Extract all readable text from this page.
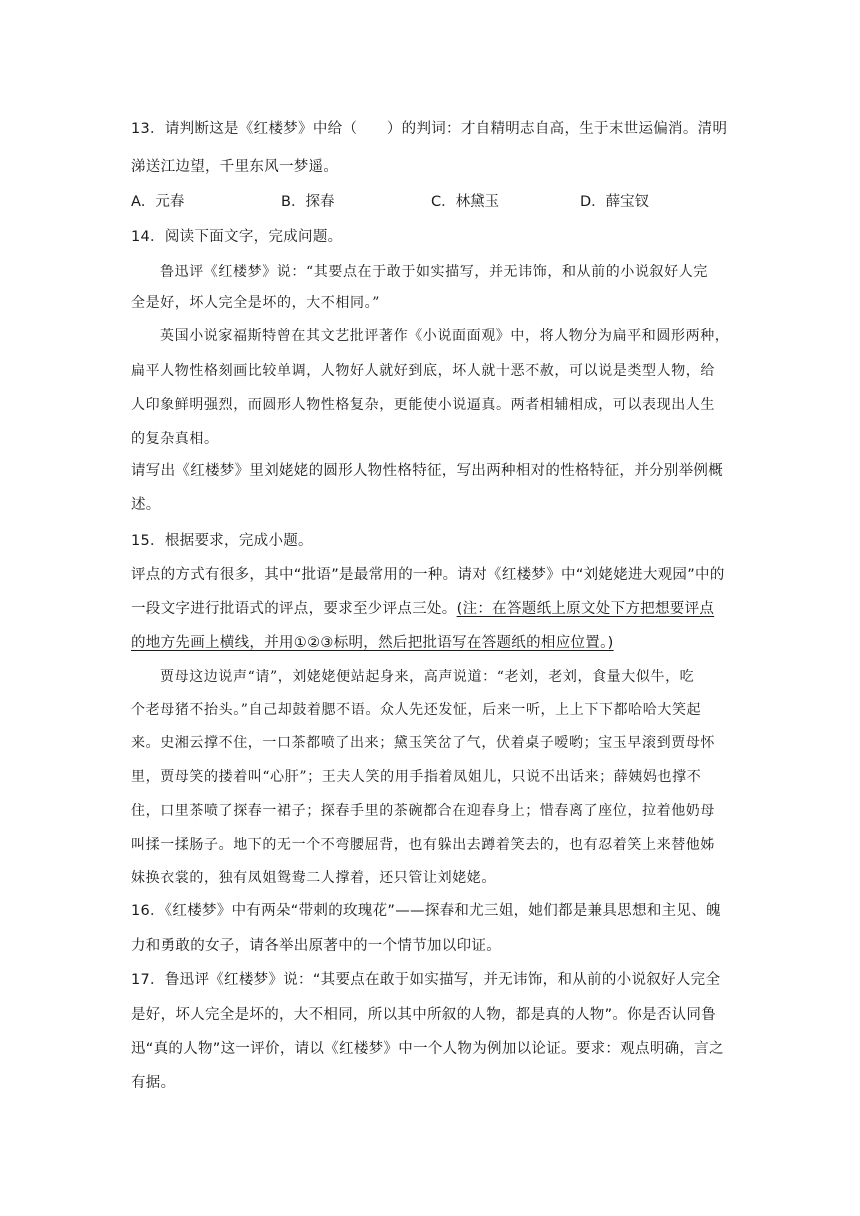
13．请判断这是《红楼梦》中给（　　）的判词：才自精明志自高，生于末世运偏消。清明
涕送江边望，千里东风一梦遥。
A．元春	B．探春	C．林黛玉	D．薛宝钗
14．阅读下面文字，完成问题。
鲁迅评《红楼梦》说：“其要点在于敢于如实描写，并无讳饰，和从前的小说叙好人完
全是好，坏人完全是坏的，大不相同。”
英国小说家福斯特曾在其文艺批评著作《小说面面观》中，将人物分为扁平和圆形两种，
扁平人物性格刻画比较单调，人物好人就好到底，坏人就十恶不赦，可以说是类型人物，给
人印象鲜明强烈，而圆形人物性格复杂，更能使小说逼真。两者相辅相成，可以表现出人生
的复杂真相。
请写出《红楼梦》里刘姥姥的圆形人物性格特征，写出两种相对的性格特征，并分别举例概
述。
15．根据要求，完成小题。
评点的方式有很多，其中“批语”是最常用的一种。请对《红楼梦》中“刘姥姥进大观园”中的
一段文字进行批语式的评点，要求至少评点三处。(注：在答题纸上原文处下方把想要评点
的地方先画上横线，并用①②③标明，然后把批语写在答题纸的相应位置。)
贾母这边说声“请”，刘姥姥便站起身来，高声说道：“老刘，老刘，食量大似牛，吃
个老母猪不抬头。”自己却鼓着腮不语。众人先还发怔，后来一听，上上下下都哈哈大笑起
来。史湘云撑不住，一口茶都喷了出来；黛玉笑岔了气，伏着桌子嗳哟；宝玉早滚到贾母怀
里，贾母笑的搂着叫“心肝”；王夫人笑的用手指着凤姐儿，只说不出话来；薛姨妈也撑不
住，口里茶喷了探春一裙子；探春手里的茶碗都合在迎春身上；惜春离了座位，拉着他奶母
叫揉一揉肠子。地下的无一个不弯腰屈背，也有躲出去蹲着笑去的，也有忍着笑上来替他姊
妹换衣裳的，独有凤姐鸳鸯二人撑着，还只管让刘姥姥。
16．《红楼梦》中有两朵“带刺的玫瑰花”——探春和尤三姐，她们都是兼具思想和主见、魄
力和勇敢的女子，请各举出原著中的一个情节加以印证。
17．鲁迅评《红楼梦》说：“其要点在敢于如实描写，并无讳饰，和从前的小说叙好人完全
是好，坏人完全是坏的，大不相同，所以其中所叙的人物，都是真的人物”。你是否认同鲁
迅“真的人物”这一评价，请以《红楼梦》中一个人物为例加以论证。要求：观点明确，言之
有据。
